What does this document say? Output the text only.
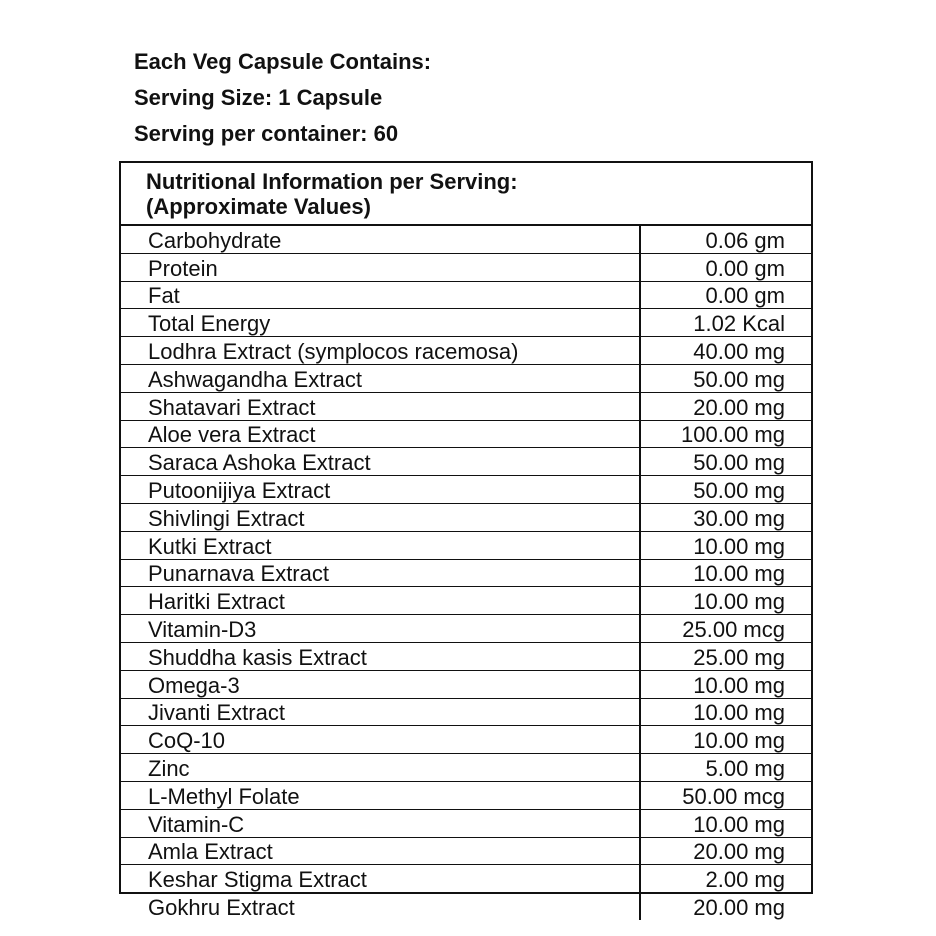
Each Veg Capsule Contains:

Serving Size: 1 Capsule

Serving per container: 60

Nutritional Information per Serving:
(Approximate Values)
Carbohydrate	0.06 gm
Protein	0.00 gm
Fat	0.00 gm
Total Energy	1.02 Kcal
Lodhra Extract (symplocos racemosa)	40.00 mg
Ashwagandha Extract	50.00 mg
Shatavari Extract	20.00 mg
Aloe vera Extract	100.00 mg
Saraca Ashoka Extract	50.00 mg
Putoonijiya Extract	50.00 mg
Shivlingi Extract	30.00 mg
Kutki Extract	10.00 mg
Punarnava Extract	10.00 mg
Haritki Extract	10.00 mg
Vitamin-D3	25.00 mcg
Shuddha kasis Extract	25.00 mg
Omega-3	10.00 mg
Jivanti Extract	10.00 mg
CoQ-10	10.00 mg
Zinc	5.00 mg
L-Methyl Folate	50.00 mcg
Vitamin-C	10.00 mg
Amla Extract	20.00 mg
Keshar Stigma Extract	2.00 mg
Gokhru Extract	20.00 mg
